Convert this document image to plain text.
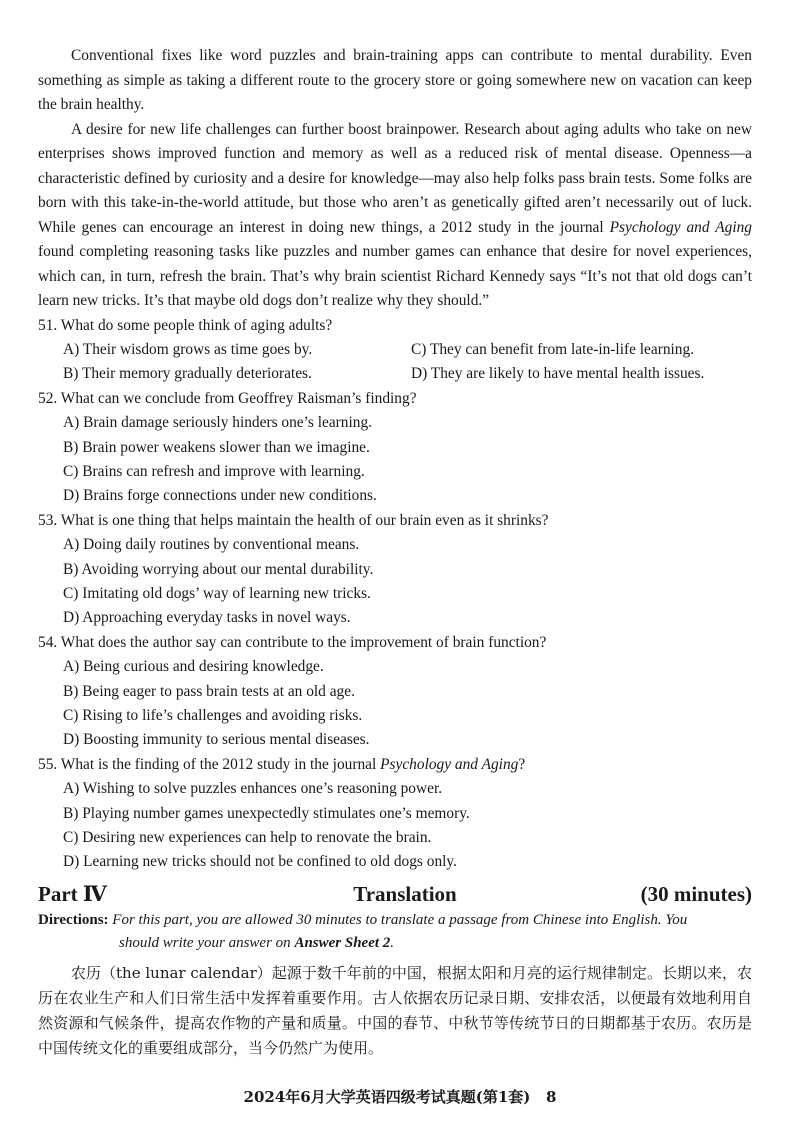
Conventional fixes like word puzzles and brain-training apps can contribute to mental durability. Even something as simple as taking a different route to the grocery store or going somewhere new on vacation can keep the brain healthy.

A desire for new life challenges can further boost brainpower. Research about aging adults who take on new enterprises shows improved function and memory as well as a reduced risk of mental disease. Openness—a characteristic defined by curiosity and a desire for knowledge—may also help folks pass brain tests. Some folks are born with this take-in-the-world attitude, but those who aren’t as genetically gifted aren’t necessarily out of luck. While genes can encourage an interest in doing new things, a 2012 study in the journal Psychology and Aging found completing reasoning tasks like puzzles and number games can enhance that desire for novel experiences, which can, in turn, refresh the brain. That’s why brain scientist Richard Kennedy says “It’s not that old dogs can’t learn new tricks. It’s that maybe old dogs don’t realize why they should.”

51. What do some people think of aging adults?

A) Their wisdom grows as time goes by.	C) They can benefit from late-in-life learning.
B) Their memory gradually deteriorates.	D) They are likely to have mental health issues.

52. What can we conclude from Geoffrey Raisman’s finding?

A) Brain damage seriously hinders one’s learning.

B) Brain power weakens slower than we imagine.

C) Brains can refresh and improve with learning.

D) Brains forge connections under new conditions.

53. What is one thing that helps maintain the health of our brain even as it shrinks?

A) Doing daily routines by conventional means.

B) Avoiding worrying about our mental durability.

C) Imitating old dogs’ way of learning new tricks.

D) Approaching everyday tasks in novel ways.

54. What does the author say can contribute to the improvement of brain function?

A) Being curious and desiring knowledge.

B) Being eager to pass brain tests at an old age.

C) Rising to life’s challenges and avoiding risks.

D) Boosting immunity to serious mental diseases.

55. What is the finding of the 2012 study in the journal Psychology and Aging?

A) Wishing to solve puzzles enhances one’s reasoning power.

B) Playing number games unexpectedly stimulates one’s memory.

C) Desiring new experiences can help to renovate the brain.

D) Learning new tricks should not be confined to old dogs only.

Part Ⅳ	Translation	(30 minutes)
Directions: For this part, you are allowed 30 minutes to translate a passage from Chinese into English. You
should write your answer on Answer Sheet 2.

农历（the lunar calendar）起源于数千年前的中国，根据太阳和月亮的运行规律制定。长期以来，农历在农业生产和人们日常生活中发挥着重要作用。古人依据农历记录日期、安排农活，以便最有效地利用自然资源和气候条件，提高农作物的产量和质量。中国的春节、中秋节等传统节日的日期都基于农历。农历是中国传统文化的重要组成部分，当今仍然广为使用。

2024年6月大学英语四级考试真题(第1套)   8
